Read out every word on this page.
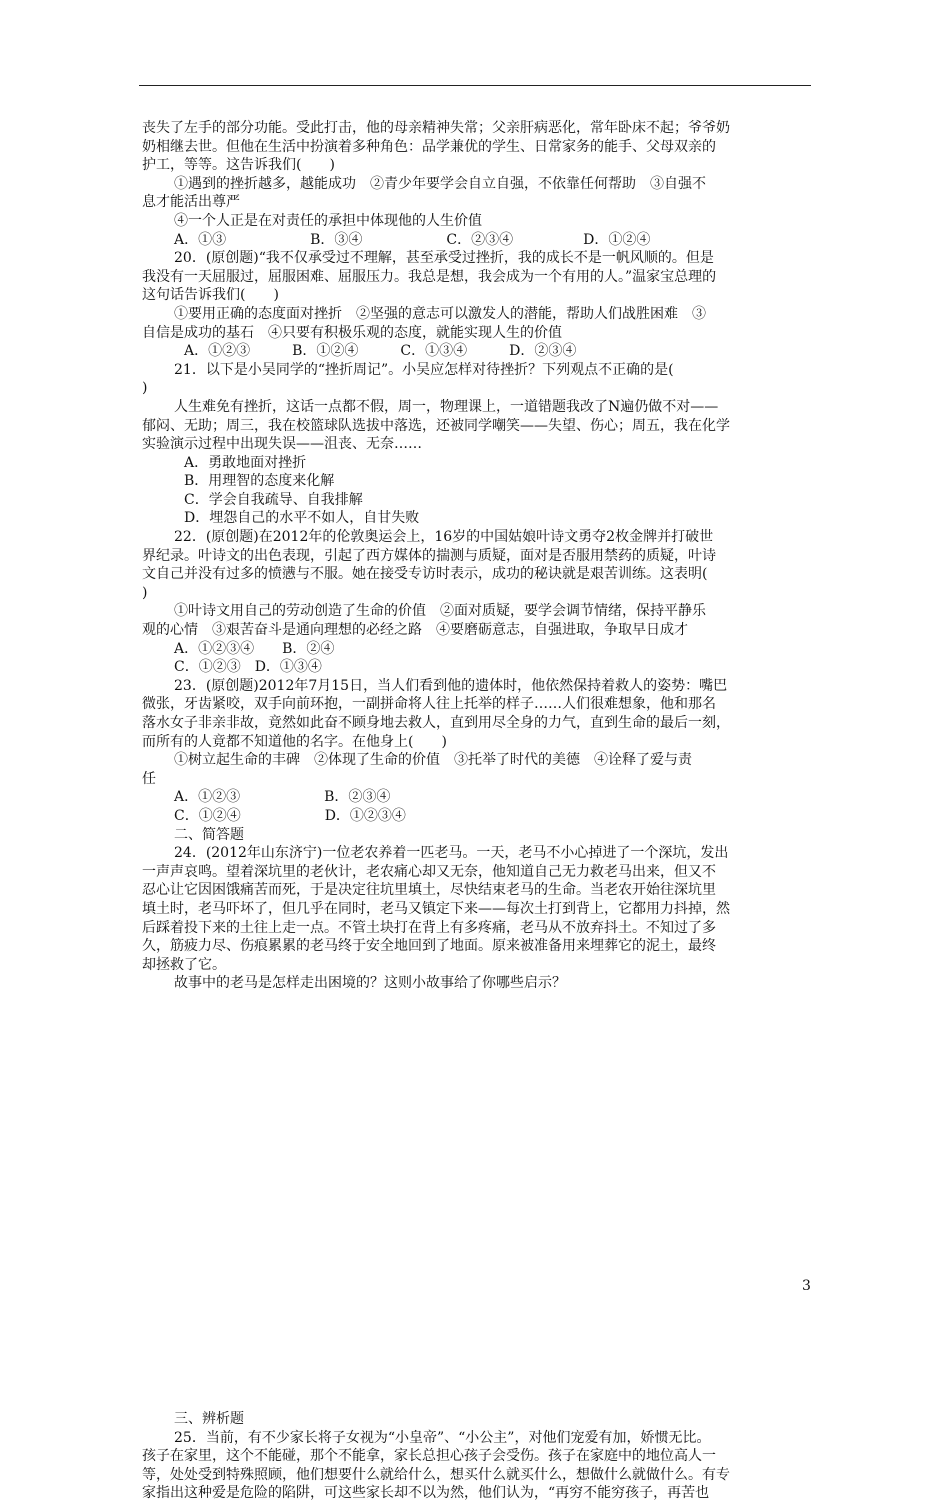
丧失了左手的部分功能。受此打击，他的母亲精神失常；父亲肝病恶化，常年卧床不起；爷爷奶
奶相继去世。但他在生活中扮演着多种角色：品学兼优的学生、日常家务的能手、父母双亲的
护工，等等。这告诉我们(　　)
①遇到的挫折越多，越能成功　②青少年要学会自立自强，不依靠任何帮助　③自强不
息才能活出尊严
④一个人正是在对责任的承担中体现他的人生价值
A．①③　　　　　　B．③④　　　　　　C．②③④　　　　　D．①②④
20．(原创题)“我不仅承受过不理解，甚至承受过挫折，我的成长不是一帆风顺的。但是
我没有一天屈服过，屈服困难、屈服压力。我总是想，我会成为一个有用的人。”温家宝总理的
这句话告诉我们(　　)
①要用正确的态度面对挫折　②坚强的意志可以激发人的潜能，帮助人们战胜困难　③
自信是成功的基石　④只要有积极乐观的态度，就能实现人生的价值
A．①②③　　　B．①②④　　　C．①③④　　　D．②③④
21．以下是小吴同学的“挫折周记”。小吴应怎样对待挫折？下列观点不正确的是(
)
人生难免有挫折，这话一点都不假，周一，物理课上，一道错题我改了N遍仍做不对——
郁闷、无助；周三，我在校篮球队选拔中落选，还被同学嘲笑——失望、伤心；周五，我在化学
实验演示过程中出现失误——沮丧、无奈……
A．勇敢地面对挫折
B．用理智的态度来化解
C．学会自我疏导、自我排解
D．埋怨自己的水平不如人，自甘失败
22．(原创题)在2012年的伦敦奥运会上，16岁的中国姑娘叶诗文勇夺2枚金牌并打破世
界纪录。叶诗文的出色表现，引起了西方媒体的揣测与质疑，面对是否服用禁药的质疑，叶诗
文自己并没有过多的愤懑与不服。她在接受专访时表示，成功的秘诀就是艰苦训练。这表明(
)
①叶诗文用自己的劳动创造了生命的价值　②面对质疑，要学会调节情绪，保持平静乐
观的心情　③艰苦奋斗是通向理想的必经之路　④要磨砺意志，自强进取，争取早日成才
A．①②③④　　B．②④
C．①②③　D．①③④
23．(原创题)2012年7月15日，当人们看到他的遗体时，他依然保持着救人的姿势：嘴巴
微张，牙齿紧咬，双手向前环抱，一副拼命将人往上托举的样子……人们很难想象，他和那名
落水女子非亲非故，竟然如此奋不顾身地去救人，直到用尽全身的力气，直到生命的最后一刻，
而所有的人竟都不知道他的名字。在他身上(　　)
①树立起生命的丰碑　②体现了生命的价值　③托举了时代的美德　④诠释了爱与责
任
A．①②③　　　　　　B．②③④
C．①②④　　　　　　D．①②③④
二、简答题
24．(2012年山东济宁)一位老农养着一匹老马。一天，老马不小心掉进了一个深坑，发出
一声声哀鸣。望着深坑里的老伙计，老农痛心却又无奈，他知道自己无力救老马出来，但又不
忍心让它因困饿痛苦而死，于是决定往坑里填土，尽快结束老马的生命。当老农开始往深坑里
填土时，老马吓坏了，但几乎在同时，老马又镇定下来——每次土打到背上，它都用力抖掉，然
后踩着投下来的土往上走一点。不管土块打在背上有多疼痛，老马从不放弃抖土。不知过了多
久，筋疲力尽、伤痕累累的老马终于安全地回到了地面。原来被准备用来埋葬它的泥土，最终
却拯救了它。
故事中的老马是怎样走出困境的？这则小故事给了你哪些启示？
三、辨析题
25．当前，有不少家长将子女视为“小皇帝”、“小公主”，对他们宠爱有加，娇惯无比。
孩子在家里，这个不能碰，那个不能拿，家长总担心孩子会受伤。孩子在家庭中的地位高人一
等，处处受到特殊照顾，他们想要什么就给什么，想买什么就买什么，想做什么就做什么。有专
家指出这种爱是危险的陷阱，可这些家长却不以为然，他们认为，“再穷不能穷孩子，再苦也
3
